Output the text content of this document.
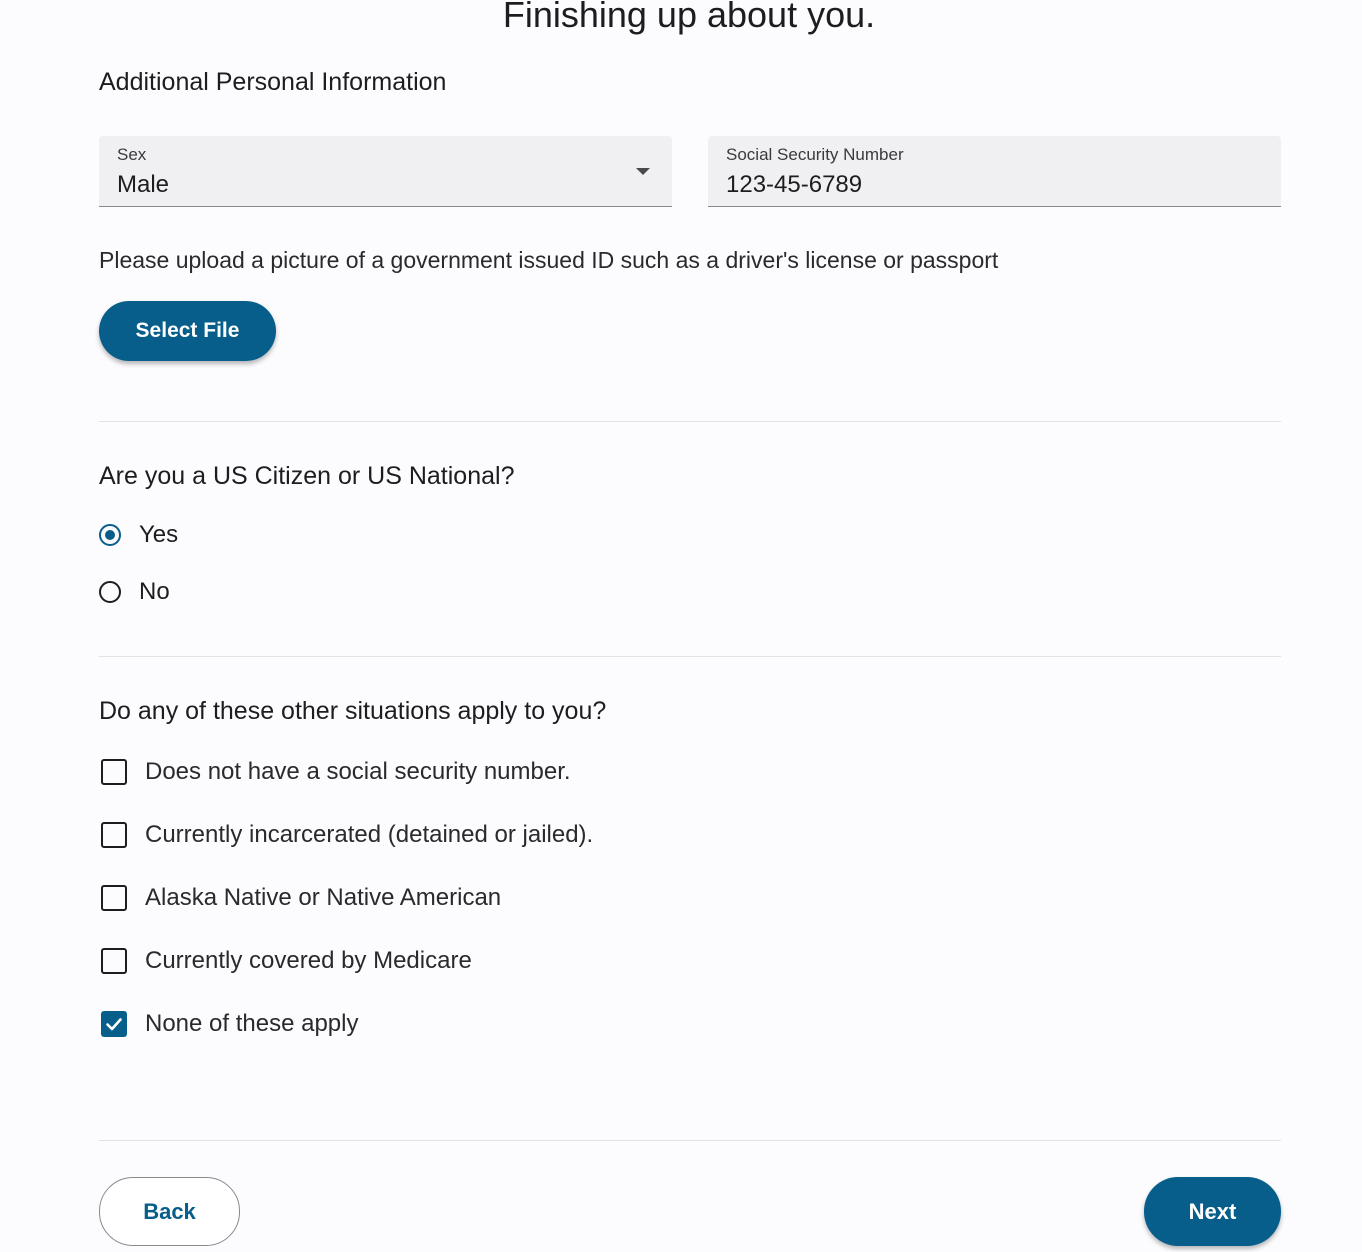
Finishing up about you.
Additional Personal Information
Sex
Male
Social Security Number
123-45-6789
Please upload a picture of a government issued ID such as a driver's license or passport
Select File
Are you a US Citizen or US National?
Yes
No
Do any of these other situations apply to you?
Does not have a social security number.
Currently incarcerated (detained or jailed).
Alaska Native or Native American
Currently covered by Medicare
None of these apply
Back	Next
